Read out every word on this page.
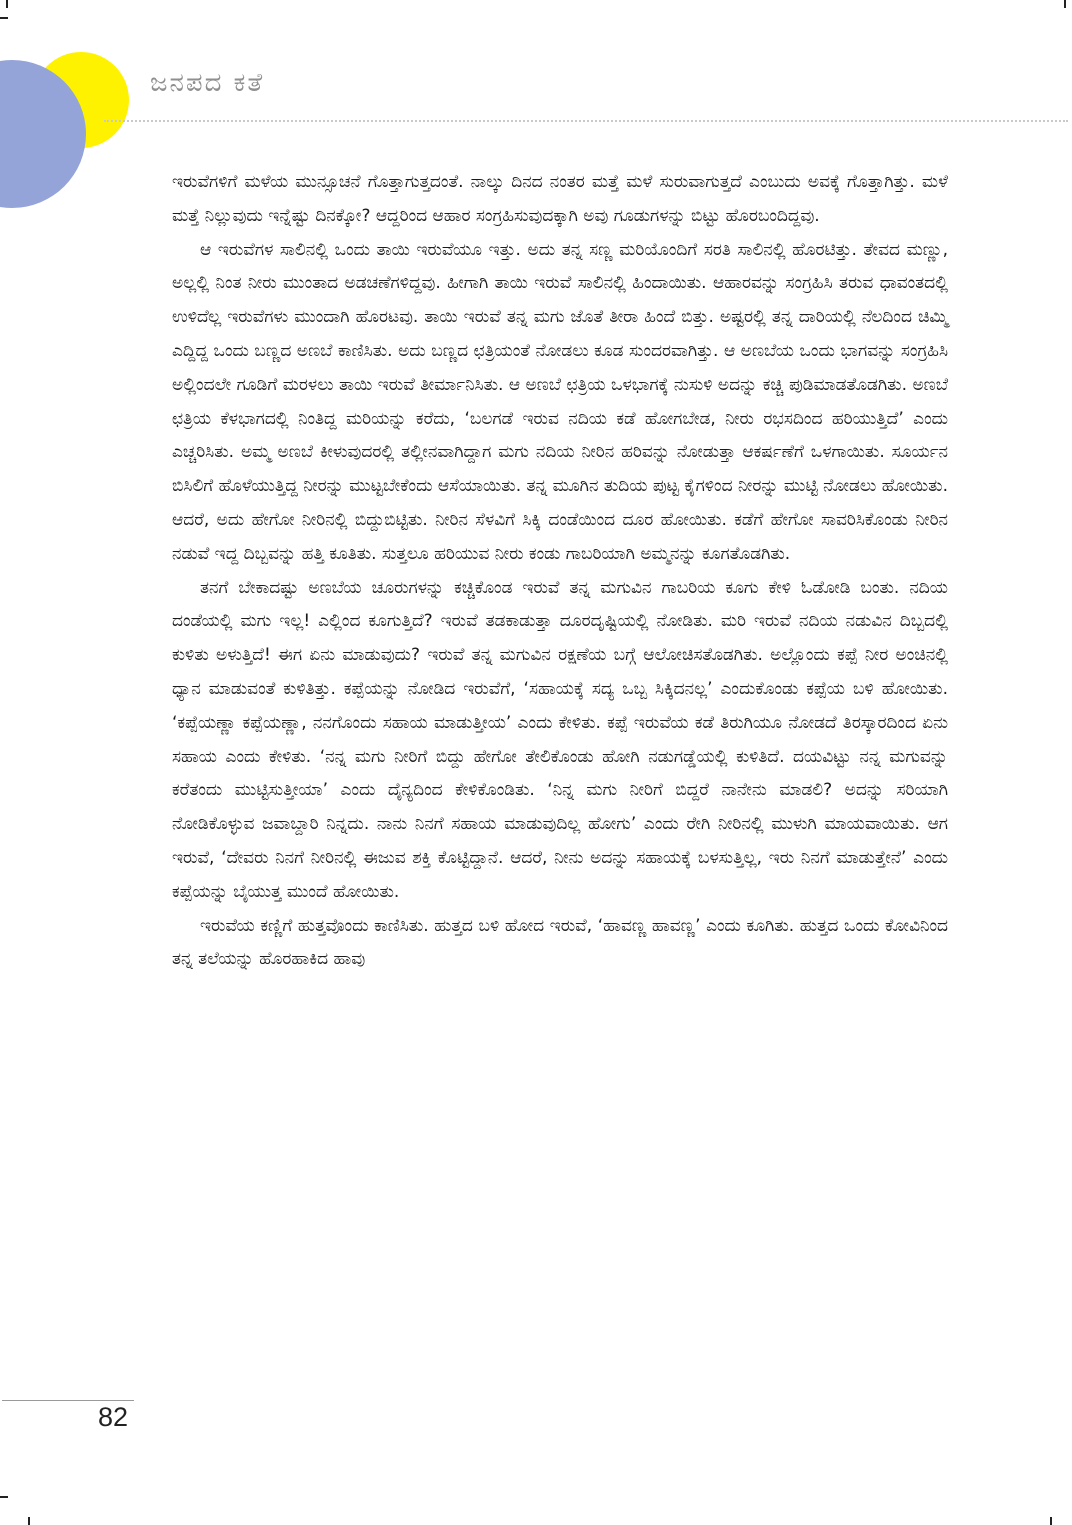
ಜನಪದ ಕತೆ

ಇರುವೆಗಳಿಗೆ ಮಳೆಯ ಮುನ್ಸೂಚನೆ ಗೊತ್ತಾಗುತ್ತದಂತೆ. ನಾಲ್ಕು ದಿನದ ನಂತರ ಮತ್ತೆ ಮಳೆ ಸುರುವಾಗುತ್ತದೆ ಎಂಬುದು ಅವಕ್ಕೆ ಗೊತ್ತಾಗಿತ್ತು. ಮಳೆ ಮತ್ತೆ ನಿಲ್ಲುವುದು ಇನ್ನೆಷ್ಟು ದಿನಕ್ಕೋ? ಆದ್ದರಿಂದ ಆಹಾರ ಸಂಗ್ರಹಿಸುವುದಕ್ಕಾಗಿ ಅವು ಗೂಡುಗಳನ್ನು ಬಿಟ್ಟು ಹೊರಬಂದಿದ್ದವು.

ಆ ಇರುವೆಗಳ ಸಾಲಿನಲ್ಲಿ ಒಂದು ತಾಯಿ ಇರುವೆಯೂ ಇತ್ತು. ಅದು ತನ್ನ ಸಣ್ಣ ಮರಿಯೊಂದಿಗೆ ಸರತಿ ಸಾಲಿನಲ್ಲಿ ಹೊರಟಿತ್ತು. ತೇವದ ಮಣ್ಣು, ಅಲ್ಲಲ್ಲಿ ನಿಂತ ನೀರು ಮುಂತಾದ ಅಡಚಣೆಗಳಿದ್ದವು. ಹೀಗಾಗಿ ತಾಯಿ ಇರುವೆ ಸಾಲಿನಲ್ಲಿ ಹಿಂದಾಯಿತು. ಆಹಾರವನ್ನು ಸಂಗ್ರಹಿಸಿ ತರುವ ಧಾವಂತದಲ್ಲಿ ಉಳಿದೆಲ್ಲ ಇರುವೆಗಳು ಮುಂದಾಗಿ ಹೊರಟವು. ತಾಯಿ ಇರುವೆ ತನ್ನ ಮಗು ಜೊತೆ ತೀರಾ ಹಿಂದೆ ಬಿತ್ತು. ಅಷ್ಟರಲ್ಲಿ ತನ್ನ ದಾರಿಯಲ್ಲಿ ನೆಲದಿಂದ ಚಿಮ್ಮಿ ಎದ್ದಿದ್ದ ಒಂದು ಬಣ್ಣದ ಅಣಬೆ ಕಾಣಿಸಿತು. ಅದು ಬಣ್ಣದ ಛತ್ರಿಯಂತೆ ನೋಡಲು ಕೂಡ ಸುಂದರವಾಗಿತ್ತು. ಆ ಅಣಬೆಯ ಒಂದು ಭಾಗವನ್ನು ಸಂಗ್ರಹಿಸಿ ಅಲ್ಲಿಂದಲೇ ಗೂಡಿಗೆ ಮರಳಲು ತಾಯಿ ಇರುವೆ ತೀರ್ಮಾನಿಸಿತು. ಆ ಅಣಬೆ ಛತ್ರಿಯ ಒಳಭಾಗಕ್ಕೆ ನುಸುಳಿ ಅದನ್ನು ಕಚ್ಚಿ ಪುಡಿಮಾಡತೊಡಗಿತು. ಅಣಬೆ ಛತ್ರಿಯ ಕೆಳಭಾಗದಲ್ಲಿ ನಿಂತಿದ್ದ ಮರಿಯನ್ನು ಕರೆದು, ‘ಬಲಗಡೆ ಇರುವ ನದಿಯ ಕಡೆ ಹೋಗಬೇಡ, ನೀರು ರಭಸದಿಂದ ಹರಿಯುತ್ತಿದೆ’ ಎಂದು ಎಚ್ಚರಿಸಿತು. ಅಮ್ಮ ಅಣಬೆ ಕೀಳುವುದರಲ್ಲಿ ತಲ್ಲೀನವಾಗಿದ್ದಾಗ ಮಗು ನದಿಯ ನೀರಿನ ಹರಿವನ್ನು ನೋಡುತ್ತಾ ಆಕರ್ಷಣೆಗೆ ಒಳಗಾಯಿತು. ಸೂರ್ಯನ ಬಿಸಿಲಿಗೆ ಹೊಳೆಯುತ್ತಿದ್ದ ನೀರನ್ನು ಮುಟ್ಟಬೇಕೆಂದು ಆಸೆಯಾಯಿತು. ತನ್ನ ಮೂಗಿನ ತುದಿಯ ಪುಟ್ಟ ಕೈಗಳಿಂದ ನೀರನ್ನು ಮುಟ್ಟಿ ನೋಡಲು ಹೋಯಿತು. ಆದರೆ, ಅದು ಹೇಗೋ ನೀರಿನಲ್ಲಿ ಬಿದ್ದುಬಿಟ್ಟಿತು. ನೀರಿನ ಸೆಳವಿಗೆ ಸಿಕ್ಕಿ ದಂಡೆಯಿಂದ ದೂರ ಹೋಯಿತು. ಕಡೆಗೆ ಹೇಗೋ ಸಾವರಿಸಿಕೊಂಡು ನೀರಿನ ನಡುವೆ ಇದ್ದ ದಿಬ್ಬವನ್ನು ಹತ್ತಿ ಕೂತಿತು. ಸುತ್ತಲೂ ಹರಿಯುವ ನೀರು ಕಂಡು ಗಾಬರಿಯಾಗಿ ಅಮ್ಮನನ್ನು ಕೂಗತೊಡಗಿತು.

ತನಗೆ ಬೇಕಾದಷ್ಟು ಅಣಬೆಯ ಚೂರುಗಳನ್ನು ಕಚ್ಚಿಕೊಂಡ ಇರುವೆ ತನ್ನ ಮಗುವಿನ ಗಾಬರಿಯ ಕೂಗು ಕೇಳಿ ಓಡೋಡಿ ಬಂತು. ನದಿಯ ದಂಡೆಯಲ್ಲಿ ಮಗು ಇಲ್ಲ! ಎಲ್ಲಿಂದ ಕೂಗುತ್ತಿದೆ? ಇರುವೆ ತಡಕಾಡುತ್ತಾ ದೂರದೃಷ್ಟಿಯಲ್ಲಿ ನೋಡಿತು. ಮರಿ ಇರುವೆ ನದಿಯ ನಡುವಿನ ದಿಬ್ಬದಲ್ಲಿ ಕುಳಿತು ಅಳುತ್ತಿದೆ! ಈಗ ಏನು ಮಾಡುವುದು? ಇರುವೆ ತನ್ನ ಮಗುವಿನ ರಕ್ಷಣೆಯ ಬಗ್ಗೆ ಆಲೋಚಿಸತೊಡಗಿತು. ಅಲ್ಲೊಂದು ಕಪ್ಪೆ ನೀರ ಅಂಚಿನಲ್ಲಿ ಧ್ಯಾನ ಮಾಡುವಂತೆ ಕುಳಿತಿತ್ತು. ಕಪ್ಪೆಯನ್ನು ನೋಡಿದ ಇರುವೆಗೆ, ‘ಸಹಾಯಕ್ಕೆ ಸದ್ಯ ಒಬ್ಬ ಸಿಕ್ಕಿದನಲ್ಲ’ ಎಂದುಕೊಂಡು ಕಪ್ಪೆಯ ಬಳಿ ಹೋಯಿತು. ‘ಕಪ್ಪೆಯಣ್ಣಾ ಕಪ್ಪೆಯಣ್ಣಾ, ನನಗೊಂದು ಸಹಾಯ ಮಾಡುತ್ತೀಯ’ ಎಂದು ಕೇಳಿತು. ಕಪ್ಪೆ ಇರುವೆಯ ಕಡೆ ತಿರುಗಿಯೂ ನೋಡದೆ ತಿರಸ್ಕಾರದಿಂದ ಏನು ಸಹಾಯ ಎಂದು ಕೇಳಿತು. ‘ನನ್ನ ಮಗು ನೀರಿಗೆ ಬಿದ್ದು ಹೇಗೋ ತೇಲಿಕೊಂಡು ಹೋಗಿ ನಡುಗಡ್ಡೆಯಲ್ಲಿ ಕುಳಿತಿದೆ. ದಯವಿಟ್ಟು ನನ್ನ ಮಗುವನ್ನು ಕರೆತಂದು ಮುಟ್ಟಿಸುತ್ತೀಯಾ’ ಎಂದು ದೈನ್ಯದಿಂದ ಕೇಳಿಕೊಂಡಿತು. ‘ನಿನ್ನ ಮಗು ನೀರಿಗೆ ಬಿದ್ದರೆ ನಾನೇನು ಮಾಡಲಿ? ಅದನ್ನು ಸರಿಯಾಗಿ ನೋಡಿಕೊಳ್ಳುವ ಜವಾಬ್ದಾರಿ ನಿನ್ನದು. ನಾನು ನಿನಗೆ ಸಹಾಯ ಮಾಡುವುದಿಲ್ಲ ಹೋಗು’ ಎಂದು ರೇಗಿ ನೀರಿನಲ್ಲಿ ಮುಳುಗಿ ಮಾಯವಾಯಿತು. ಆಗ ಇರುವೆ, ‘ದೇವರು ನಿನಗೆ ನೀರಿನಲ್ಲಿ ಈಜುವ ಶಕ್ತಿ ಕೊಟ್ಟಿದ್ದಾನೆ. ಆದರೆ, ನೀನು ಅದನ್ನು ಸಹಾಯಕ್ಕೆ ಬಳಸುತ್ತಿಲ್ಲ, ಇರು ನಿನಗೆ ಮಾಡುತ್ತೇನೆ’ ಎಂದು ಕಪ್ಪೆಯನ್ನು ಬೈಯುತ್ತ ಮುಂದೆ ಹೋಯಿತು.

ಇರುವೆಯ ಕಣ್ಣಿಗೆ ಹುತ್ತವೊಂದು ಕಾಣಿಸಿತು. ಹುತ್ತದ ಬಳಿ ಹೋದ ಇರುವೆ, ‘ಹಾವಣ್ಣ ಹಾವಣ್ಣ’ ಎಂದು ಕೂಗಿತು. ಹುತ್ತದ ಒಂದು ಕೋವಿನಿಂದ ತನ್ನ ತಲೆಯನ್ನು ಹೊರಹಾಕಿದ ಹಾವು

82
